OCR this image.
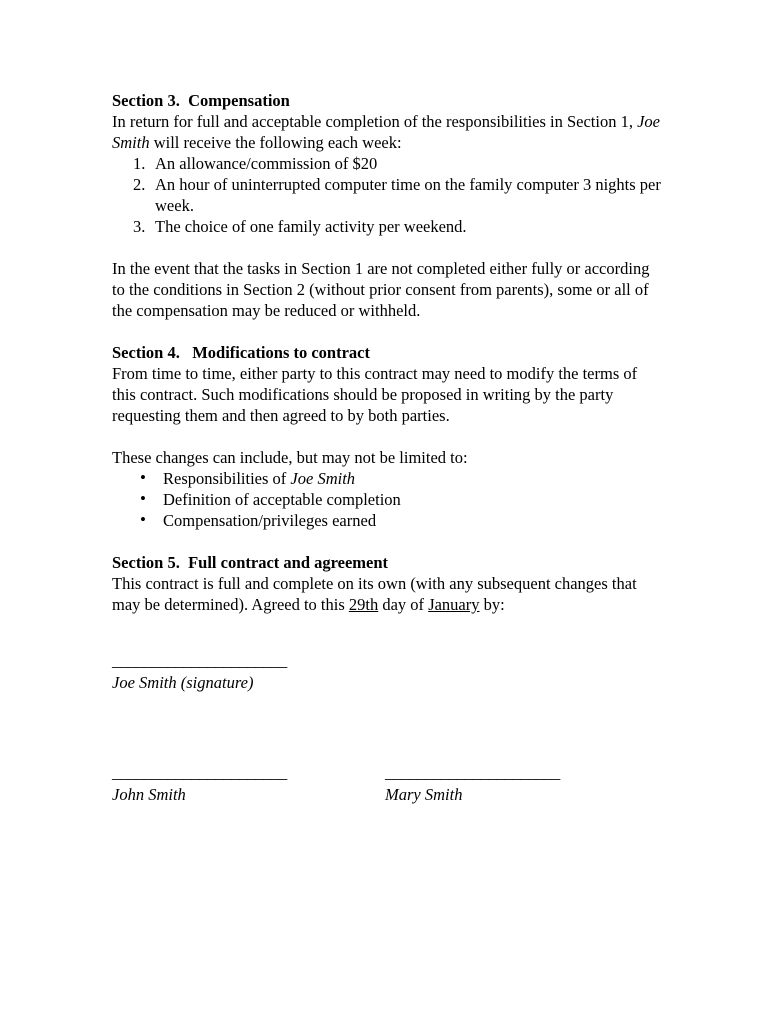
Section 3.  Compensation

In return for full and acceptable completion of the responsibilities in Section 1, Joe Smith will receive the following each week:

1. An allowance/commission of $20
2. An hour of uninterrupted computer time on the family computer 3 nights per week.
3. The choice of one family activity per weekend.

In the event that the tasks in Section 1 are not completed either fully or according to the conditions in Section 2 (without prior consent from parents), some or all of the compensation may be reduced or withheld.

Section 4.   Modifications to contract

From time to time, either party to this contract may need to modify the terms of this contract. Such modifications should be proposed in writing by the party requesting them and then agreed to by both parties.

These changes can include, but may not be limited to:

• Responsibilities of Joe Smith
• Definition of acceptable completion
• Compensation/privileges earned
Section 5.  Full contract and agreement

This contract is full and complete on its own (with any subsequent changes that may be determined). Agreed to this 29th day of January by:

______________________
Joe Smith (signature)
______________________
John Smith
______________________
Mary Smith
